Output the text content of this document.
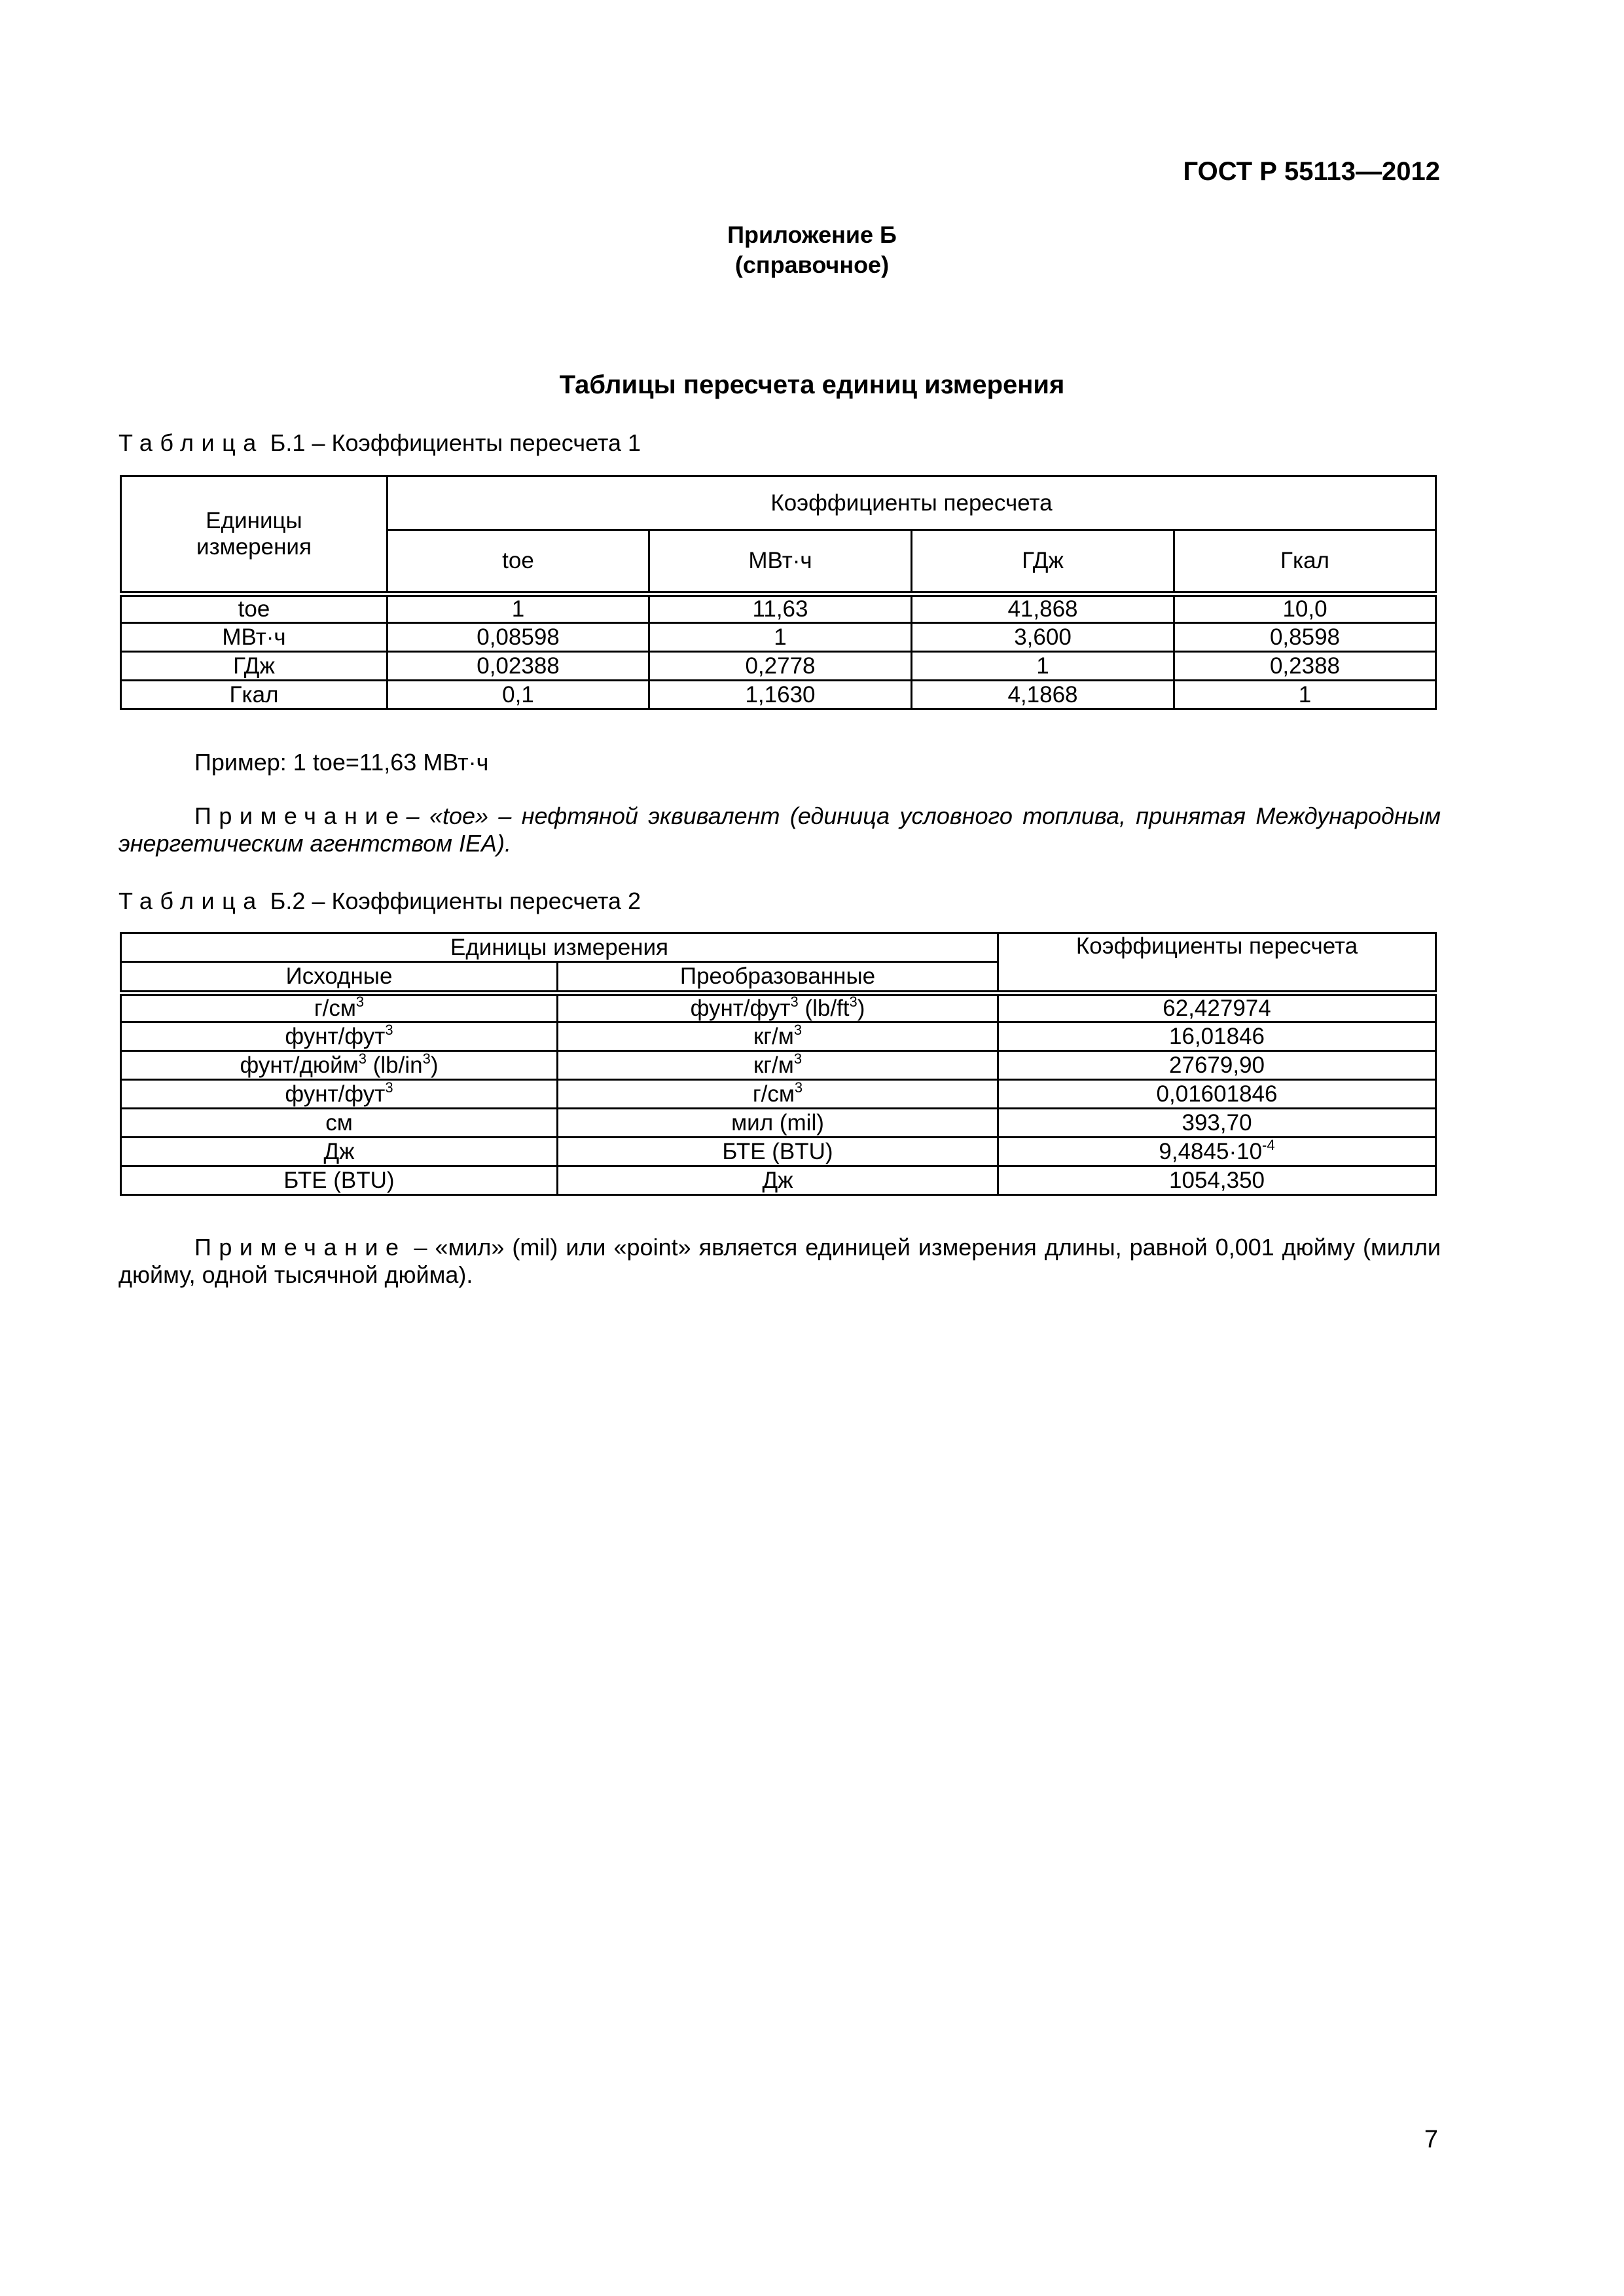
ГОСТ Р 55113—2012
Приложение Б
(справочное)
Таблицы пересчета единиц измерения
Таблица Б.1 – Коэффициенты пересчета 1
Единицы
измерения	Коэффициенты пересчета			
	toe	МВт·ч	ГДж	Гкал
toe	1	11,63	41,868	10,0
МВт·ч	0,08598	1	3,600	0,8598
ГДж	0,02388	0,2778	1	0,2388
Гкал	0,1	1,1630	4,1868	1
Пример: 1 toe=11,63 МВт·ч
Примечание– «toe» – нефтяной эквивалент (единица условного топлива, принятая Международным энергетическим агентством IEA).
Таблица Б.2 – Коэффициенты пересчета 2
Единицы измерения		Коэффициенты пересчета
Исходные	Преобразованные	
$г/см^3$	фунт/фут$^3$ $(lb/ft^3)$	62,427974
фунт/фут$^3$	$кг/м^3$	16,01846
фунт/дюйм$^3$ $(lb/in^3)$	$кг/м^3$	27679,90
фунт/фут$^3$	$г/см^3$	0,01601846
см	мил (mil)	393,70
Дж	БТЕ (BTU)	$9,4845\cdot 10^{-4}$
БТЕ (BTU)	Дж	1054,350
Примечание – «мил» (mil) или «point» является единицей измерения длины, равной 0,001 дюйму (милли дюйму, одной тысячной дюйма).
7
